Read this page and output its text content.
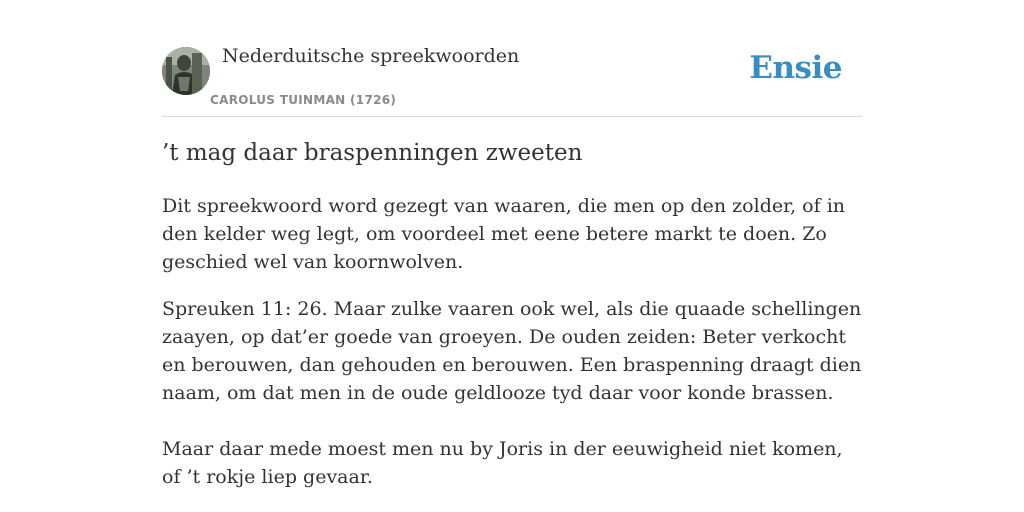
Nederduitsche spreekwoorden
CAROLUS TUINMAN (1726)
Ensie
’t mag daar braspenningen zweeten

Dit spreekwoord word gezegt van waaren, die men op den zolder, of in den kelder weg legt, om voordeel met eene betere markt te doen. Zo geschied wel van koornwolven.

Spreuken 11: 26. Maar zulke vaaren ook wel, als die quaade schellingen zaayen, op dat’er goede van groeyen. De ouden zeiden: Beter verkocht en berouwen, dan gehouden en berouwen. Een braspenning draagt dien naam, om dat men in de oude geldlooze tyd daar voor konde brassen.

Maar daar mede moest men nu by Joris in der eeuwigheid niet komen, of ’t rokje liep gevaar.
